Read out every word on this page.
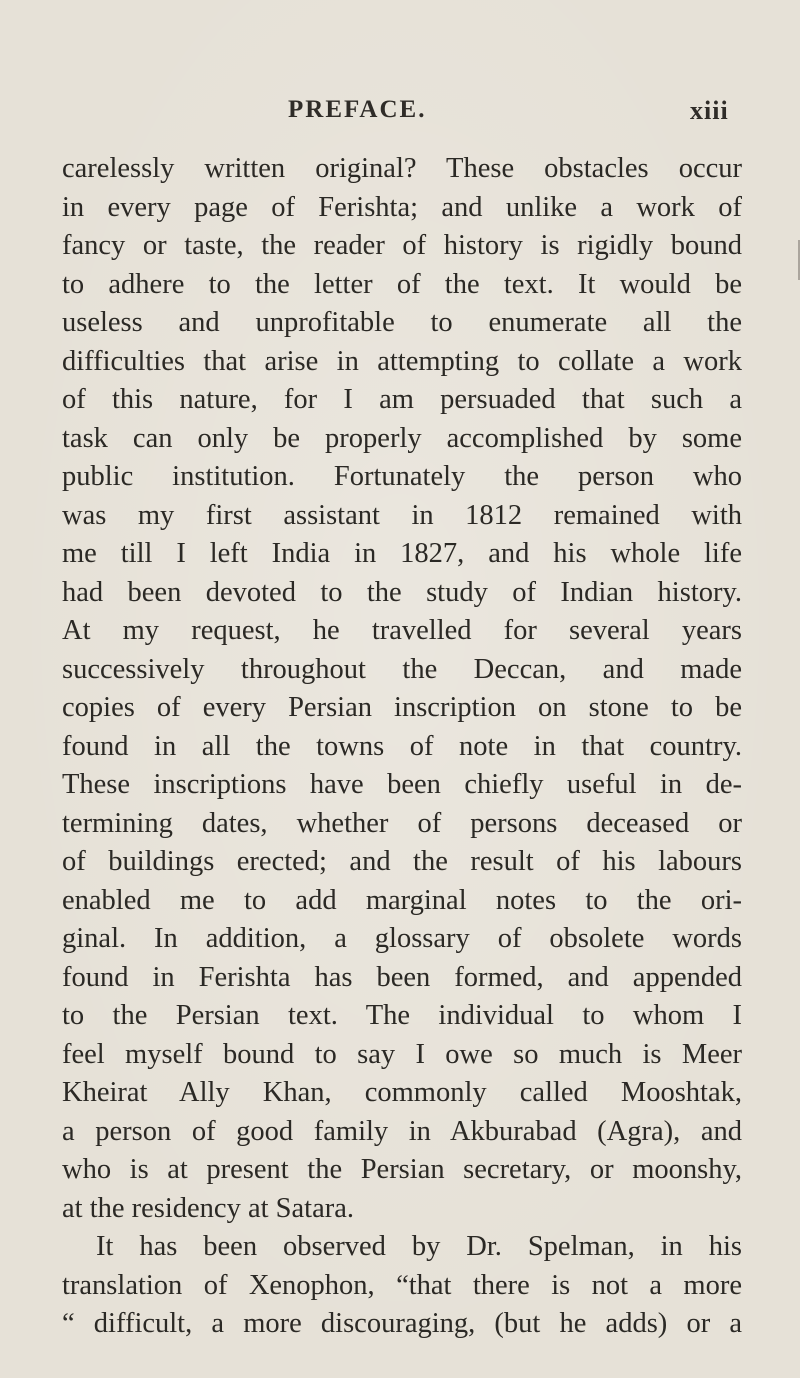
PREFACE.	xiii
carelessly written original? These obstacles occur
in every page of Ferishta; and unlike a work of
fancy or taste, the reader of history is rigidly bound
to adhere to the letter of the text. It would be
useless and unprofitable to enumerate all the
difficulties that arise in attempting to collate a work
of this nature, for I am persuaded that such a
task can only be properly accomplished by some
public institution. Fortunately the person who
was my first assistant in 1812 remained with
me till I left India in 1827, and his whole life
had been devoted to the study of Indian history.
At my request, he travelled for several years
successively throughout the Deccan, and made
copies of every Persian inscription on stone to be
found in all the towns of note in that country.
These inscriptions have been chiefly useful in de-
termining dates, whether of persons deceased or
of buildings erected; and the result of his labours
enabled me to add marginal notes to the ori-
ginal. In addition, a glossary of obsolete words
found in Ferishta has been formed, and appended
to the Persian text. The individual to whom I
feel myself bound to say I owe so much is Meer
Kheirat Ally Khan, commonly called Mooshtak,
a person of good family in Akburabad (Agra), and
who is at present the Persian secretary, or moonshy,
at the residency at Satara.
It has been observed by Dr. Spelman, in his
translation of Xenophon, “that there is not a more
“ difficult, a more discouraging, (but he adds) or a
